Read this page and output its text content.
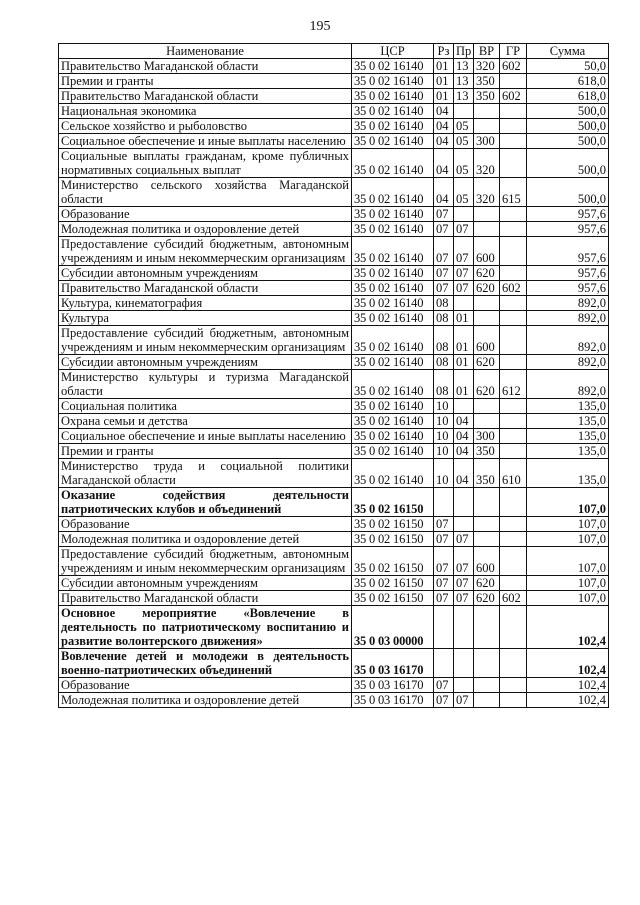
195
Наименование	ЦСР	Рз	Пр	ВР	ГР	Сумма
Правительство Магаданской области	35 0 02 16140	01	13	320	602	50,0
Премии и гранты	35 0 02 16140	01	13	350		618,0
Правительство Магаданской области	35 0 02 16140	01	13	350	602	618,0
Национальная экономика	35 0 02 16140	04				500,0
Сельское хозяйство и рыболовство	35 0 02 16140	04	05			500,0
Социальное обеспечение и иные выплаты населению	35 0 02 16140	04	05	300		500,0
Социальные выплаты гражданам, кроме публичных нормативных социальных выплат	35 0 02 16140	04	05	320		500,0
Министерство сельского хозяйства Магаданской области	35 0 02 16140	04	05	320	615	500,0
Образование	35 0 02 16140	07				957,6
Молодежная политика и оздоровление детей	35 0 02 16140	07	07			957,6
Предоставление субсидий бюджетным, автономным учреждениям и иным некоммерческим организациям	35 0 02 16140	07	07	600		957,6
Субсидии автономным учреждениям	35 0 02 16140	07	07	620		957,6
Правительство Магаданской области	35 0 02 16140	07	07	620	602	957,6
Культура, кинематография	35 0 02 16140	08				892,0
Культура	35 0 02 16140	08	01			892,0
Предоставление субсидий бюджетным, автономным учреждениям и иным некоммерческим организациям	35 0 02 16140	08	01	600		892,0
Субсидии автономным учреждениям	35 0 02 16140	08	01	620		892,0
Министерство культуры и туризма Магаданской области	35 0 02 16140	08	01	620	612	892,0
Социальная политика	35 0 02 16140	10				135,0
Охрана семьи и детства	35 0 02 16140	10	04			135,0
Социальное обеспечение и иные выплаты населению	35 0 02 16140	10	04	300		135,0
Премии и гранты	35 0 02 16140	10	04	350		135,0
Министерство труда и социальной политики Магаданской области	35 0 02 16140	10	04	350	610	135,0
Оказание содействия деятельности патриотических клубов и объединений	35 0 02 16150					107,0
Образование	35 0 02 16150	07				107,0
Молодежная политика и оздоровление детей	35 0 02 16150	07	07			107,0
Предоставление субсидий бюджетным, автономным учреждениям и иным некоммерческим организациям	35 0 02 16150	07	07	600		107,0
Субсидии автономным учреждениям	35 0 02 16150	07	07	620		107,0
Правительство Магаданской области	35 0 02 16150	07	07	620	602	107,0
Основное мероприятие «Вовлечение в деятельность по патриотическому воспитанию и развитие волонтерского движения»	35 0 03 00000					102,4
Вовлечение детей и молодежи в деятельность военно-патриотических объединений	35 0 03 16170					102,4
Образование	35 0 03 16170	07				102,4
Молодежная политика и оздоровление детей	35 0 03 16170	07	07			102,4
